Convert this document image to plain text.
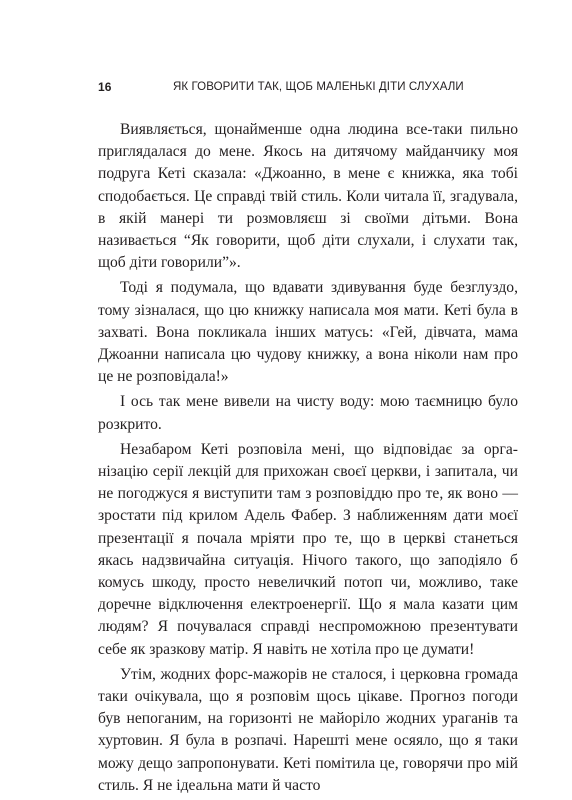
16	ЯК ГОВОРИТИ ТАК, ЩОБ МАЛЕНЬКІ ДІТИ СЛУХАЛИ

Виявляється, щонайменше одна людина все-таки пильно приглядалася до мене. Якось на дитячому майданчику моя подруга Кеті сказала: «Джоанно, в мене є книжка, яка тобі сподобається. Це справді твій стиль. Коли читала її, згадувала, в якій манері ти розмовляєш зі своїми дітьми. Вона називається “Як говорити, щоб діти слухали, і слухати так, щоб діти говорили”».

Тоді я подумала, що вдавати здивування буде безглуздо, тому зізналася, що цю книжку написала моя мати. Кеті була в захваті. Вона покликала інших матусь: «Гей, дівчата, мама Джоанни написала цю чудову книжку, а вона ніколи нам про це не розповідала!»

І ось так мене вивели на чисту воду: мою таємницю було розкрито.

Незабаром Кеті розповіла мені, що відповідає за організацію серії лекцій для прихожан своєї церкви, і запитала, чи не погоджуся я виступити там з розповіддю про те, як воно — зростати під крилом Адель Фабер. З наближенням дати моєї презентації я почала мріяти про те, що в церкві станеться якась надзвичайна ситуація. Нічого такого, що заподіяло б комусь шкоду, просто невеличкий потоп чи, можливо, таке доречне відключення електроенергії. Що я мала казати цим людям? Я почувалася справді неспроможною презентувати себе як зразкову матір. Я навіть не хотіла про це думати!

Утім, жодних форс-мажорів не сталося, і церковна громада таки очікувала, що я розповім щось цікаве. Прогноз погоди був непоганим, на горизонті не майоріло жодних ураганів та хуртовин. Я була в розпачі. Нарешті мене осяяло, що я таки можу дещо запропонувати. Кеті помітила це, говорячи про мій стиль. Я не ідеальна мати й часто
